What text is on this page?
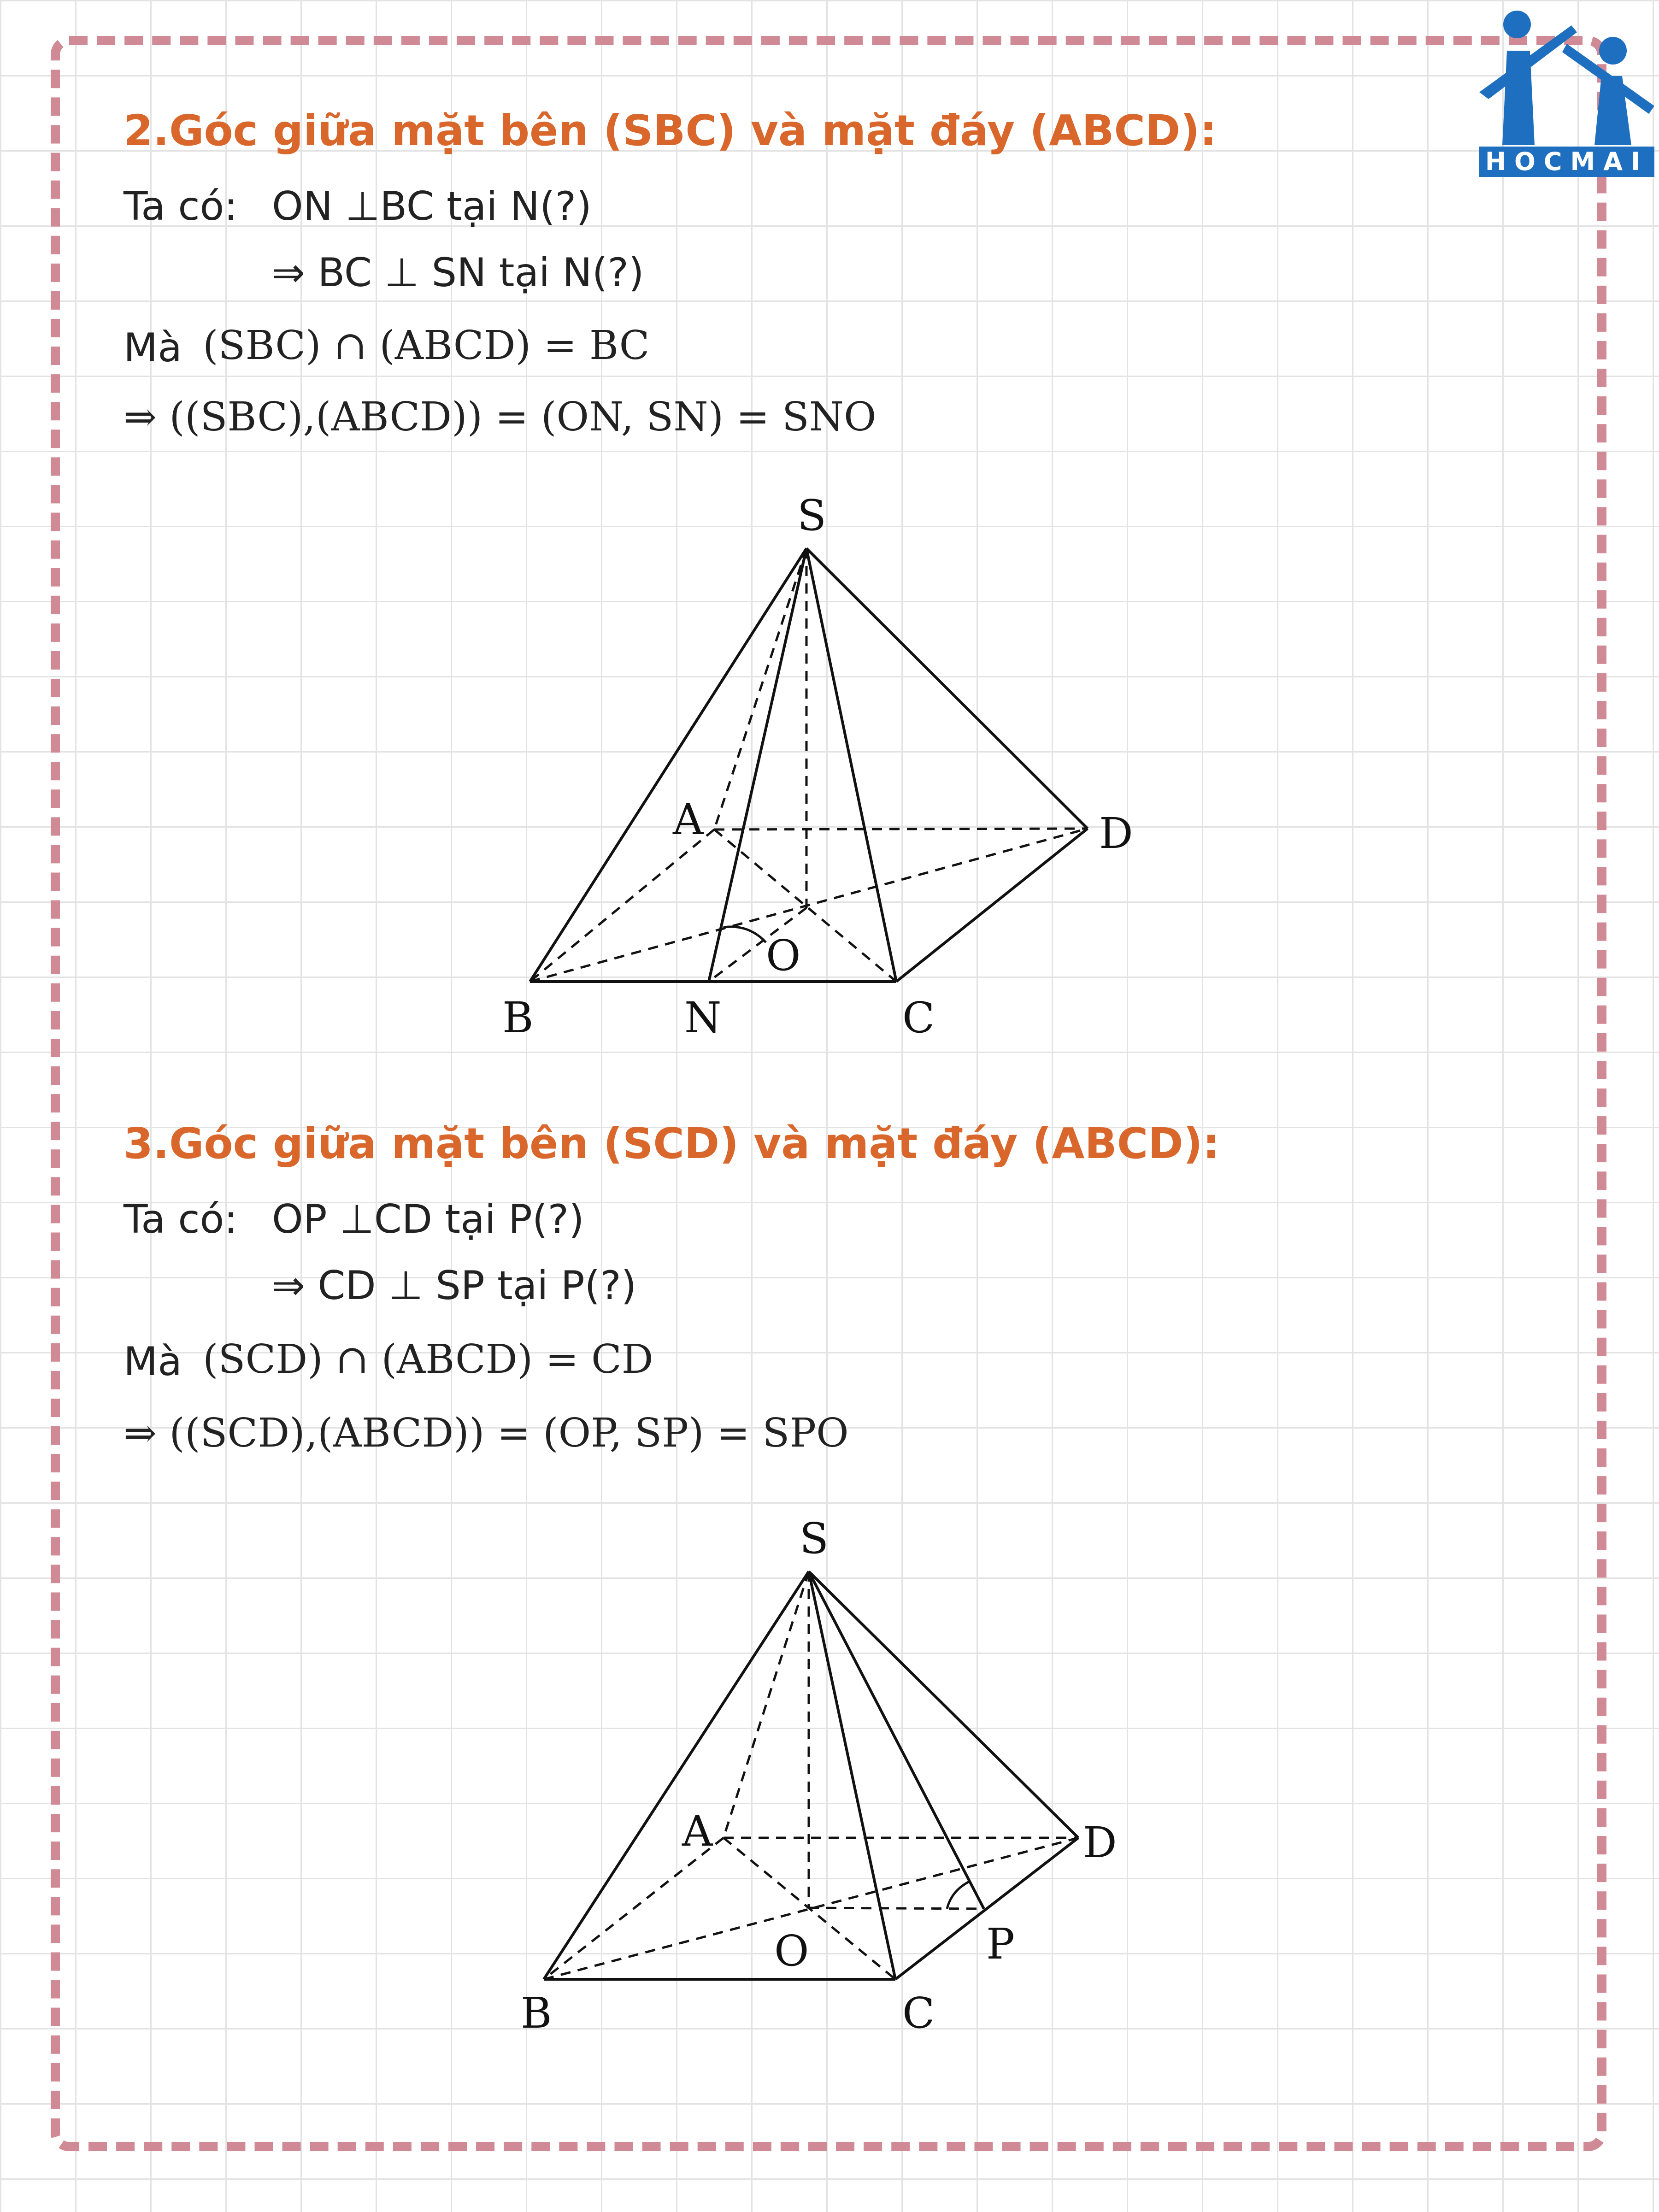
HOCMAI
2.Góc giữa mặt bên (SBC) và mặt đáy (ABCD):
Ta có: ON ⊥BC tại N(?)
⇒ BC ⊥ SN tại N(?)
Mà (SBC) ∩ (ABCD) = BC
⇒ ((SBC),(ABCD)) = (ON, SN) = SNO
S
A
B	N
O
C
D
3.Góc giữa mặt bên (SCD) và mặt đáy (ABCD):
Ta có: OP ⊥CD tại P(?)
⇒ CD ⊥ SP tại P(?)
Mà (SCD) ∩ (ABCD) = CD
⇒ ((SCD),(ABCD)) = (OP, SP) = SPO
S
A
B
O
C
P
D
